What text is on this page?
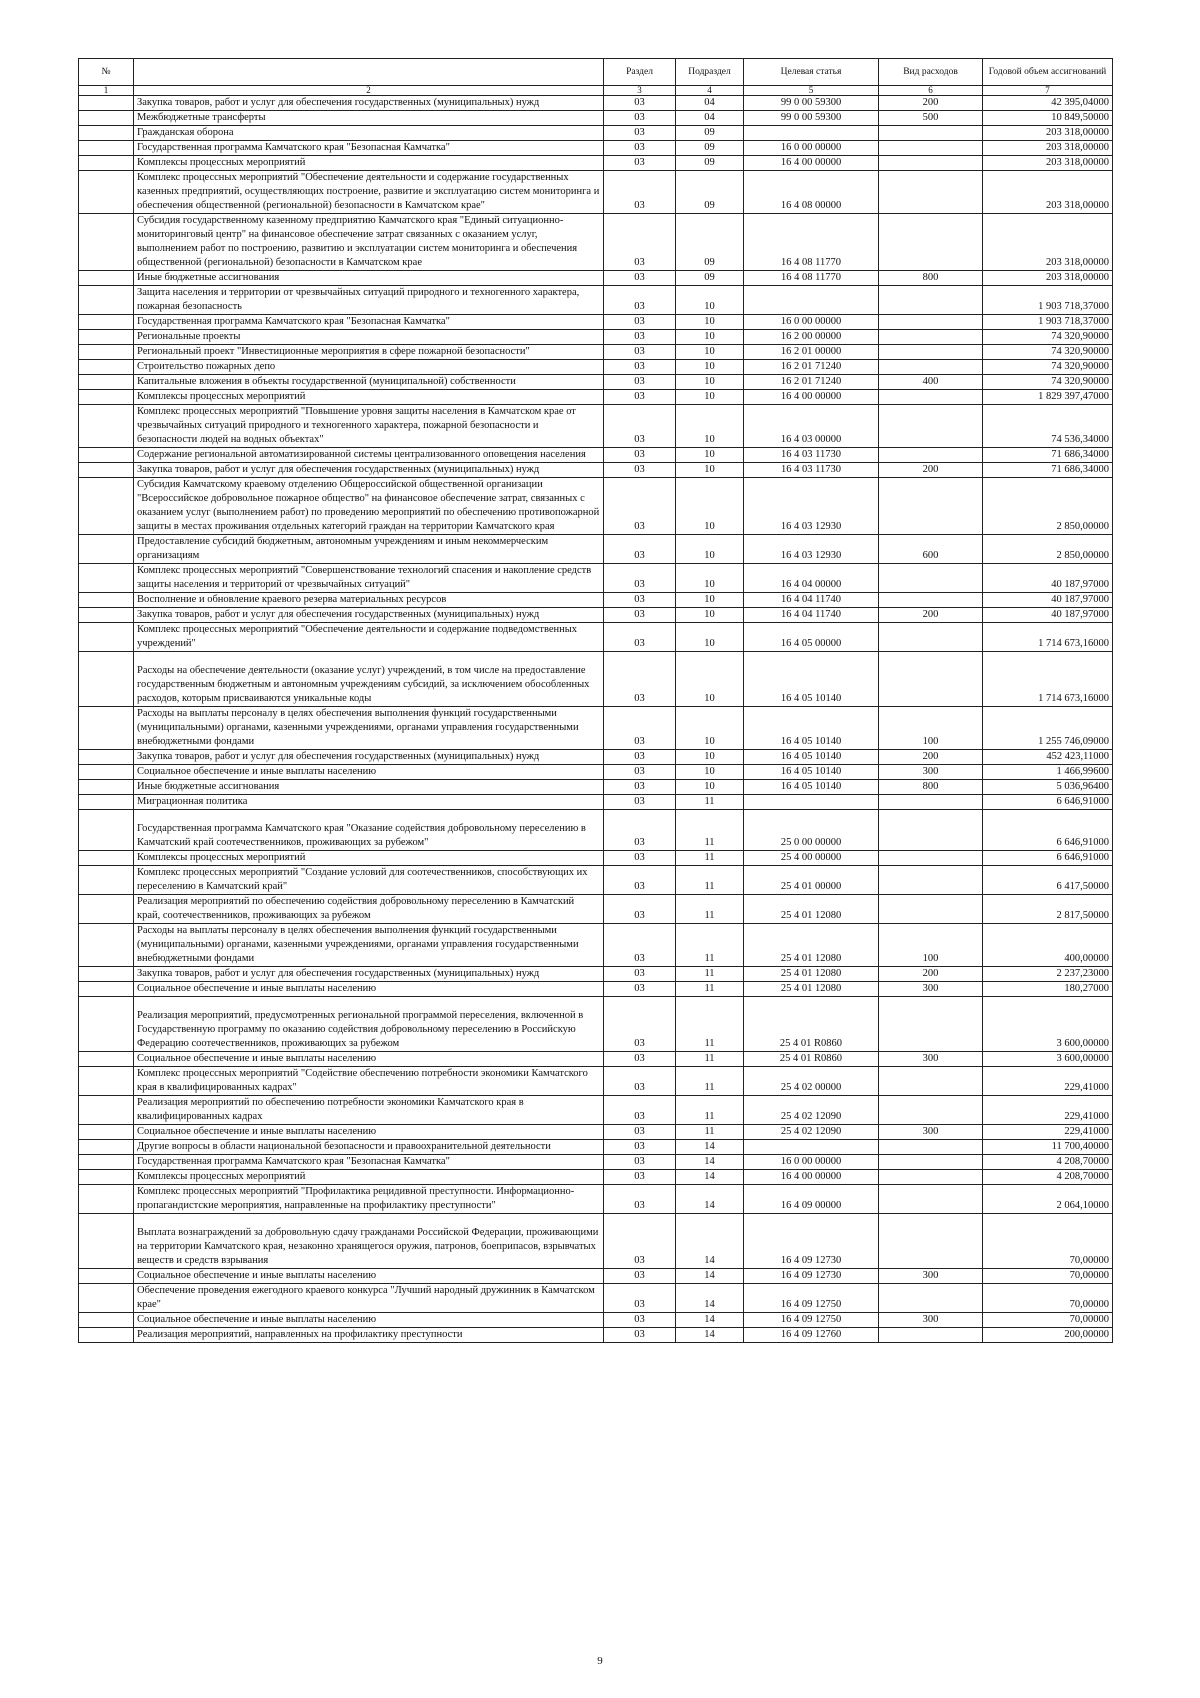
№		Раздел	Подраздел	Целевая статья	Вид расходов	Годовой объем ассигнований
1	2	3	4	5	6	7
	Закупка товаров, работ и услуг для обеспечения государственных (муниципальных) нужд	03	04	99 0 00 59300	200	42 395,04000
	Межбюджетные трансферты	03	04	99 0 00 59300	500	10 849,50000
	Гражданская оборона	03	09			203 318,00000
	Государственная программа Камчатского края "Безопасная Камчатка"	03	09	16 0 00 00000		203 318,00000
	Комплексы процессных мероприятий	03	09	16 4 00 00000		203 318,00000
	Комплекс процессных мероприятий "Обеспечение деятельности и содержание государственных казенных предприятий, осуществляющих построение, развитие и эксплуатацию систем мониторинга и обеспечения общественной (региональной) безопасности в Камчатском крае"	03	09	16 4 08 00000		203 318,00000
	Субсидия государственному казенному предприятию Камчатского края "Единый ситуационно-мониторинговый центр" на финансовое обеспечение затрат связанных с оказанием услуг, выполнением работ по построению, развитию и эксплуатации систем мониторинга и обеспечения общественной (региональной) безопасности в Камчатском крае	03	09	16 4 08 11770		203 318,00000
	Иные бюджетные ассигнования	03	09	16 4 08 11770	800	203 318,00000
	Защита населения и территории от чрезвычайных ситуаций природного и техногенного характера, пожарная безопасность	03	10			1 903 718,37000
	Государственная программа Камчатского края "Безопасная Камчатка"	03	10	16 0 00 00000		1 903 718,37000
	Региональные проекты	03	10	16 2 00 00000		74 320,90000
	Региональный проект "Инвестиционные мероприятия в сфере пожарной безопасности"	03	10	16 2 01 00000		74 320,90000
	Строительство пожарных депо	03	10	16 2 01 71240		74 320,90000
	Капитальные вложения в объекты государственной (муниципальной) собственности	03	10	16 2 01 71240	400	74 320,90000
	Комплексы процессных мероприятий	03	10	16 4 00 00000		1 829 397,47000
	Комплекс процессных мероприятий "Повышение уровня защиты населения в Камчатском крае от чрезвычайных ситуаций природного и техногенного характера, пожарной безопасности и безопасности людей на водных объектах"	03	10	16 4 03 00000		74 536,34000
	Содержание региональной автоматизированной системы централизованного оповещения населения	03	10	16 4 03 11730		71 686,34000
	Закупка товаров, работ и услуг для обеспечения государственных (муниципальных) нужд	03	10	16 4 03 11730	200	71 686,34000
	Субсидия Камчатскому краевому отделению Общероссийской общественной организации "Всероссийское добровольное пожарное общество" на финансовое обеспечение затрат, связанных с оказанием услуг (выполнением работ) по проведению мероприятий по обеспечению противопожарной защиты в местах проживания отдельных категорий граждан на территории Камчатского края	03	10	16 4 03 12930		2 850,00000
	Предоставление субсидий бюджетным, автономным учреждениям и иным некоммерческим организациям	03	10	16 4 03 12930	600	2 850,00000
	Комплекс процессных мероприятий "Совершенствование технологий спасения и накопление средств защиты населения и территорий от чрезвычайных ситуаций"	03	10	16 4 04 00000		40 187,97000
	Восполнение и обновление краевого резерва материальных ресурсов	03	10	16 4 04 11740		40 187,97000
	Закупка товаров, работ и услуг для обеспечения государственных (муниципальных) нужд	03	10	16 4 04 11740	200	40 187,97000
	Комплекс процессных мероприятий "Обеспечение деятельности и содержание подведомственных учреждений"	03	10	16 4 05 00000		1 714 673,16000
	Расходы на обеспечение деятельности (оказание услуг) учреждений, в том числе на предоставление государственным бюджетным и автономным учреждениям субсидий, за исключением обособленных расходов, которым присваиваются уникальные коды	03	10	16 4 05 10140		1 714 673,16000
	Расходы на выплаты персоналу в целях обеспечения выполнения функций государственными (муниципальными) органами, казенными учреждениями, органами управления государственными внебюджетными фондами	03	10	16 4 05 10140	100	1 255 746,09000
	Закупка товаров, работ и услуг для обеспечения государственных (муниципальных) нужд	03	10	16 4 05 10140	200	452 423,11000
	Социальное обеспечение и иные выплаты населению	03	10	16 4 05 10140	300	1 466,99600
	Иные бюджетные ассигнования	03	10	16 4 05 10140	800	5 036,96400
	Миграционная политика	03	11			6 646,91000
	Государственная программа Камчатского края "Оказание содействия добровольному переселению в Камчатский край соотечественников, проживающих за рубежом"	03	11	25 0 00 00000		6 646,91000
	Комплексы процессных мероприятий	03	11	25 4 00 00000		6 646,91000
	Комплекс процессных мероприятий "Создание условий для соотечественников, способствующих их переселению в Камчатский край"	03	11	25 4 01 00000		6 417,50000
	Реализация мероприятий по обеспечению содействия добровольному переселению в Камчатский край, соотечественников, проживающих за рубежом	03	11	25 4 01 12080		2 817,50000
	Расходы на выплаты персоналу в целях обеспечения выполнения функций государственными (муниципальными) органами, казенными учреждениями, органами управления государственными внебюджетными фондами	03	11	25 4 01 12080	100	400,00000
	Закупка товаров, работ и услуг для обеспечения государственных (муниципальных) нужд	03	11	25 4 01 12080	200	2 237,23000
	Социальное обеспечение и иные выплаты населению	03	11	25 4 01 12080	300	180,27000
	Реализация мероприятий, предусмотренных региональной программой переселения, включенной в Государственную программу по оказанию содействия добровольному переселению в Российскую Федерацию соотечественников, проживающих за рубежом	03	11	25 4 01 R0860		3 600,00000
	Социальное обеспечение и иные выплаты населению	03	11	25 4 01 R0860	300	3 600,00000
	Комплекс процессных мероприятий "Содействие обеспечению потребности экономики Камчатского края в квалифицированных кадрах"	03	11	25 4 02 00000		229,41000
	Реализация мероприятий по обеспечению потребности экономики Камчатского края в квалифицированных кадрах	03	11	25 4 02 12090		229,41000
	Социальное обеспечение и иные выплаты населению	03	11	25 4 02 12090	300	229,41000
	Другие вопросы в области национальной безопасности и правоохранительной деятельности	03	14			11 700,40000
	Государственная программа Камчатского края "Безопасная Камчатка"	03	14	16 0 00 00000		4 208,70000
	Комплексы процессных мероприятий	03	14	16 4 00 00000		4 208,70000
	Комплекс процессных мероприятий "Профилактика рецидивной преступности. Информационно-пропагандистские мероприятия, направленные на профилактику преступности"	03	14	16 4 09 00000		2 064,10000
	Выплата вознаграждений за добровольную сдачу гражданами Российской Федерации, проживающими на территории Камчатского края, незаконно хранящегося оружия, патронов, боеприпасов, взрывчатых веществ и средств взрывания	03	14	16 4 09 12730		70,00000
	Социальное обеспечение и иные выплаты населению	03	14	16 4 09 12730	300	70,00000
	Обеспечение проведения ежегодного краевого конкурса "Лучший народный дружинник в Камчатском крае"	03	14	16 4 09 12750		70,00000
	Социальное обеспечение и иные выплаты населению	03	14	16 4 09 12750	300	70,00000
	Реализация мероприятий, направленных на профилактику преступности	03	14	16 4 09 12760		200,00000
9
